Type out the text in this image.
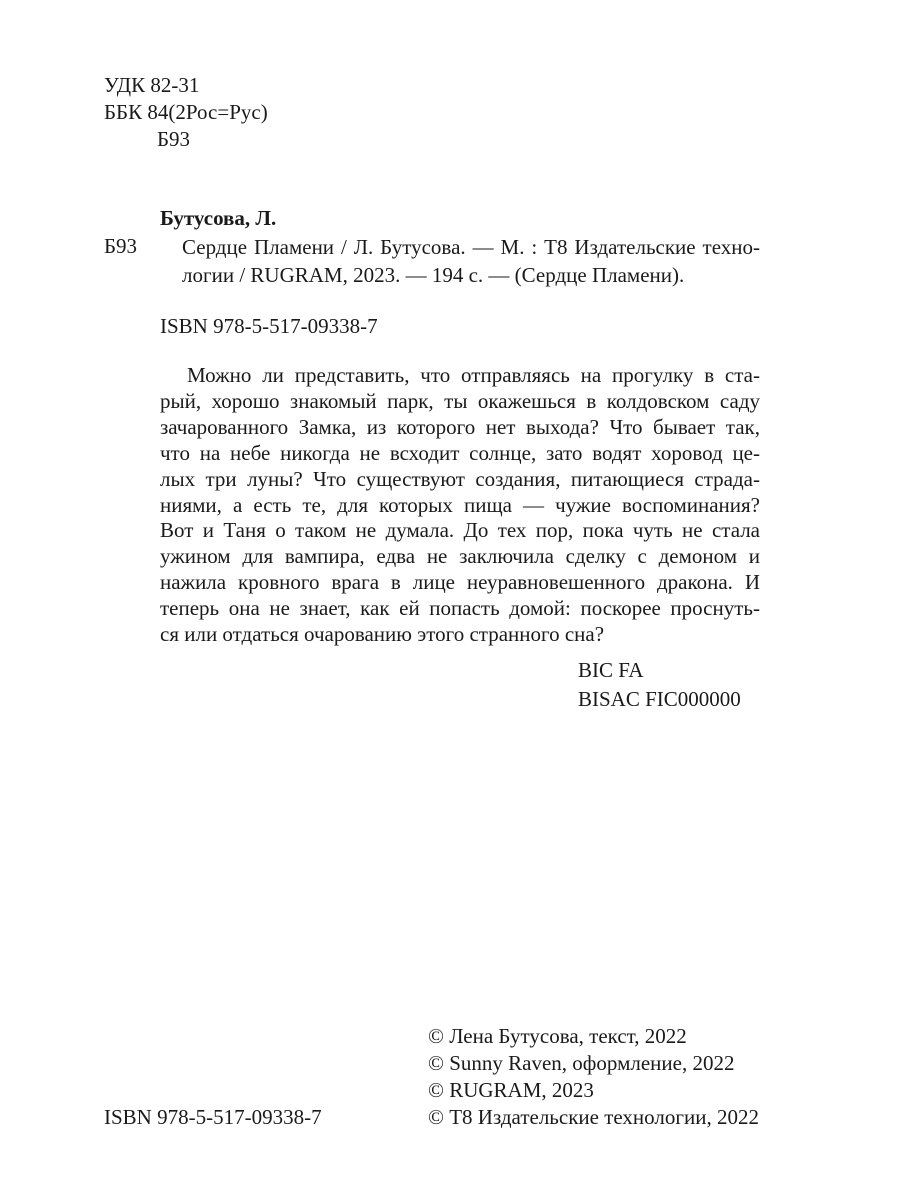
УДК 82-31
ББК 84(2Рос=Рус)
Б93
Бутусова, Л.
Б93 Сердце Пламени / Л. Бутусова. — М. : Т8 Издательские техно-
логии / RUGRAM, 2023. — 194 с. — (Сердце Пламени).
ISBN 978-5-517-09338-7
Можно ли представить, что отправляясь на прогулку в ста-
рый, хорошо знакомый парк, ты окажешься в колдовском саду
зачарованного Замка, из которого нет выхода? Что бывает так,
что на небе никогда не всходит солнце, зато водят хоровод це-
лых три луны? Что существуют создания, питающиеся страда-
ниями, а есть те, для которых пища — чужие воспоминания?
Вот и Таня о таком не думала. До тех пор, пока чуть не стала
ужином для вампира, едва не заключила сделку с демоном и
нажила кровного врага в лице неуравновешенного дракона. И
теперь она не знает, как ей попасть домой: поскорее проснуть-
ся или отдаться очарованию этого странного сна?
BIC FA
BISAC FIC000000
ISBN 978-5-517-09338-7
© Лена Бутусова, текст, 2022
© Sunny Raven, оформление, 2022
© RUGRAM, 2023
© Т8 Издательские технологии, 2022
